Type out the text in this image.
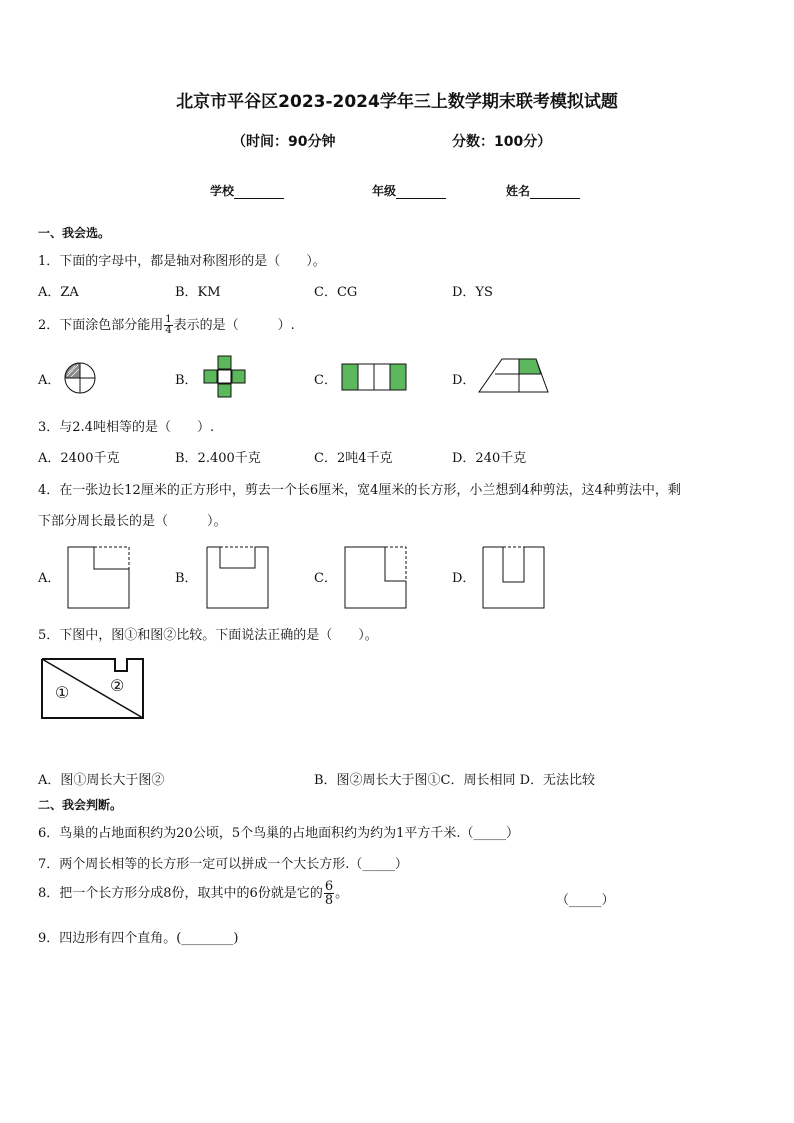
北京市平谷区2023-2024学年三上数学期末联考模拟试题
（时间：90分钟	分数：100分）
学校	年级	姓名
一、我会选。
1．下面的字母中，都是轴对称图形的是（　　）。
A．ZA	B．KM	C．CG	D．YS
2．下面涂色部分能用 $\frac{1}{4}$ 表示的是（　　　）.
A．	B．	C．	D．
3．与2.4吨相等的是（　　）.
A．2400千克	B．2.400千克	C．2吨4千克	D．240千克
4．在一张边长12厘米的正方形中，剪去一个长6厘米，宽4厘米的长方形，小兰想到4种剪法，这4种剪法中，剩
下部分周长最长的是（　　　）。
A．	B．	C．	D．
5．下图中，图①和图②比较。下面说法正确的是（　　）。
①	②
A．图①周长大于图②	B．图②周长大于图①C．周长相同 D．无法比较
二、我会判断。
6．鸟巢的占地面积约为20公顷，5个鸟巢的占地面积约为约为1平方千米.（_____）
7．两个周长相等的长方形一定可以拼成一个大长方形.（_____）
8．把一个长方形分成8份，取其中的6份就是它的 $\frac{6}{8}$ 。	（_____）
9．四边形有四个直角。(________)
